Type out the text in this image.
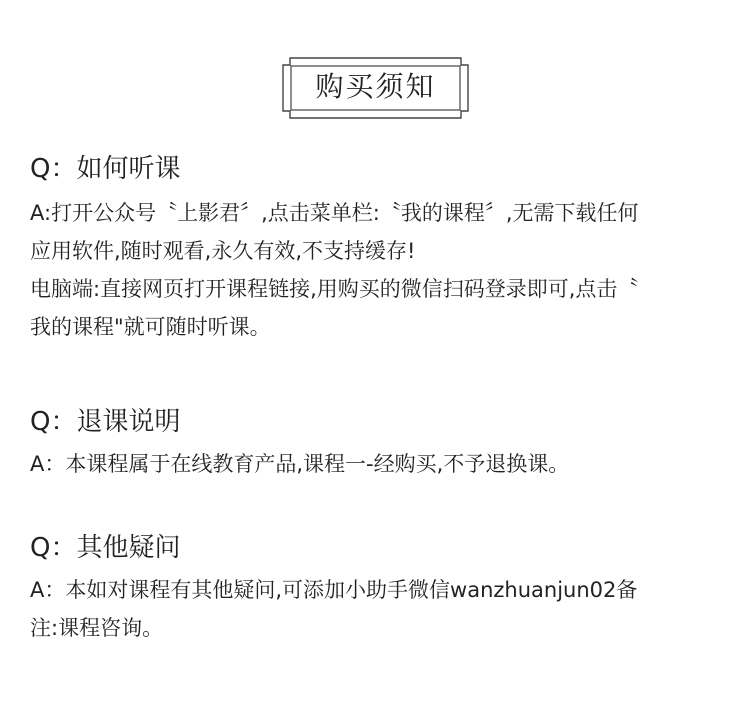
购买须知
Q：如何听课
A:打开公众号〝上影君〞,点击菜单栏:〝我的课程〞,无需下载任何
应用软件,随时观看,永久有效,不支持缓存!
电脑端:直接网页打开课程链接,用购买的微信扫码登录即可,点击〝
我的课程"就可随时听课。
Q：退课说明
A：本课程属于在线教育产品,课程一-经购买,不予退换课。
Q：其他疑问
A：本如对课程有其他疑问,可添加小助手微信wanzhuanjun02备
注:课程咨询。
